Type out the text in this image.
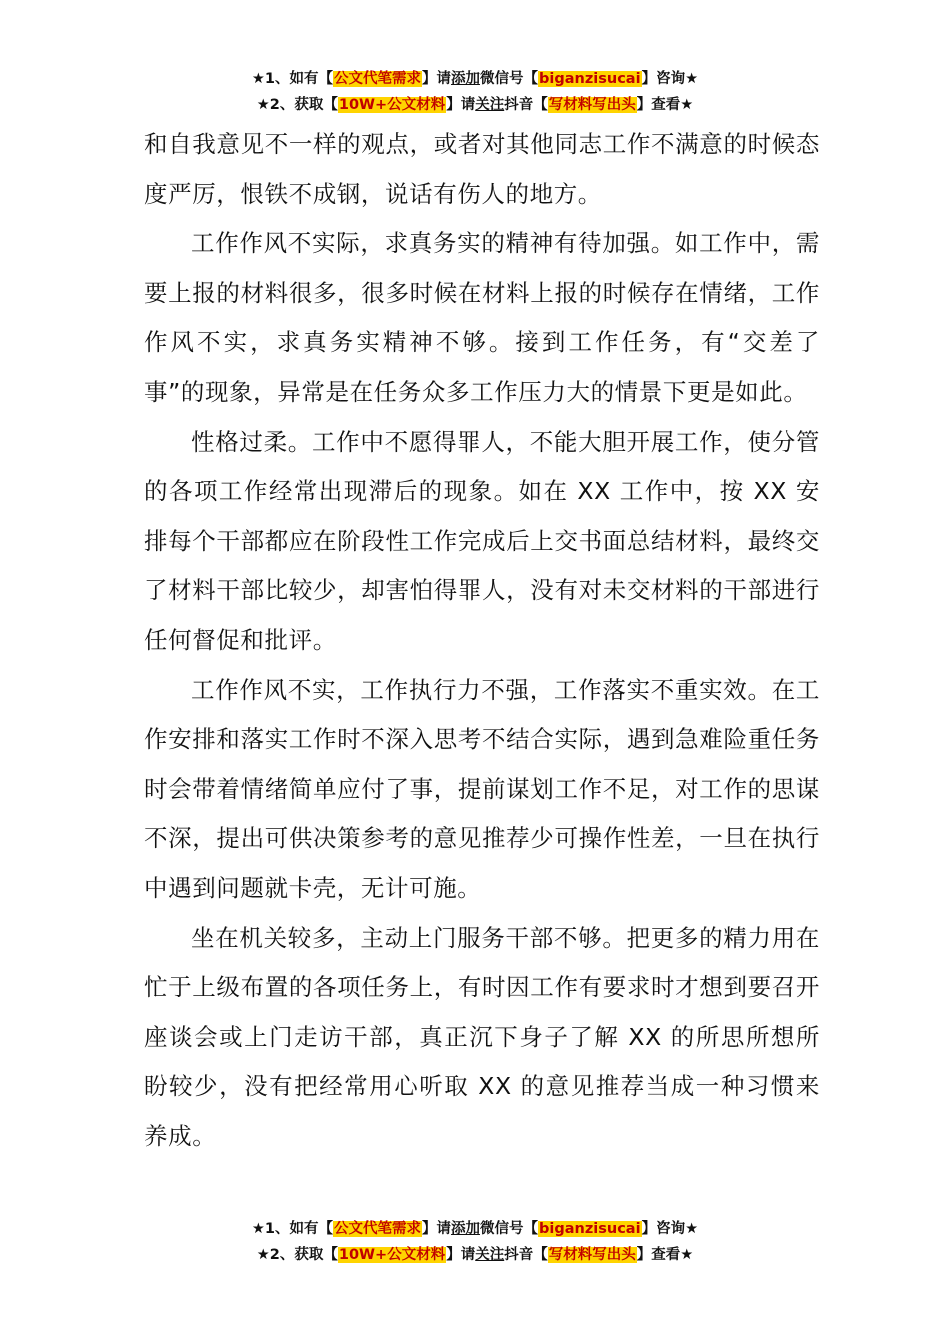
★1、如有【公文代笔需求】请添加微信号【biganzisucai】咨询★
★2、获取【10W+公文材料】请关注抖音【写材料写出头】查看★

和自我意见不一样的观点，或者对其他同志工作不满意的时候态度严厉，恨铁不成钢，说话有伤人的地方。

工作作风不实际，求真务实的精神有待加强。如工作中，需要上报的材料很多，很多时候在材料上报的时候存在情绪，工作作风不实，求真务实精神不够。接到工作任务，有“交差了事”的现象，异常是在任务众多工作压力大的情景下更是如此。

性格过柔。工作中不愿得罪人，不能大胆开展工作，使分管的各项工作经常出现滞后的现象。如在 XX 工作中，按 XX 安排每个干部都应在阶段性工作完成后上交书面总结材料，最终交了材料干部比较少，却害怕得罪人，没有对未交材料的干部进行任何督促和批评。

工作作风不实，工作执行力不强，工作落实不重实效。在工作安排和落实工作时不深入思考不结合实际，遇到急难险重任务时会带着情绪简单应付了事，提前谋划工作不足，对工作的思谋不深，提出可供决策参考的意见推荐少可操作性差，一旦在执行中遇到问题就卡壳，无计可施。

坐在机关较多，主动上门服务干部不够。把更多的精力用在忙于上级布置的各项任务上，有时因工作有要求时才想到要召开座谈会或上门走访干部，真正沉下身子了解 XX 的所思所想所盼较少，没有把经常用心听取 XX 的意见推荐当成一种习惯来养成。

★1、如有【公文代笔需求】请添加微信号【biganzisucai】咨询★
★2、获取【10W+公文材料】请关注抖音【写材料写出头】查看★
